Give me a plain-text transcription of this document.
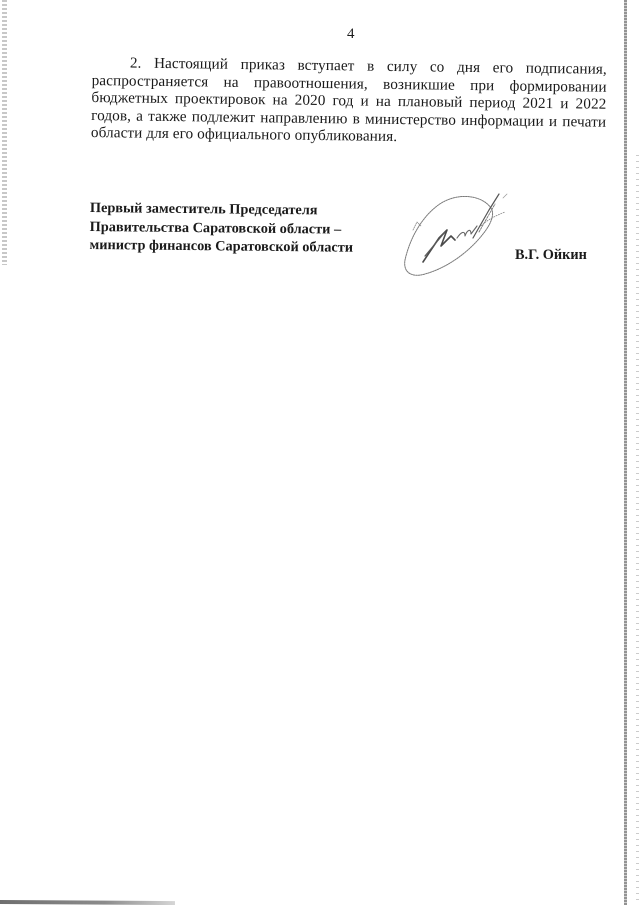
4
2. Настоящий приказ вступает в силу со дня его подписания,
распространяется на правоотношения, возникшие при формировании
бюджетных проектировок на 2020 год и на плановый период 2021 и 2022
годов, а также подлежит направлению в министерство информации и печати
области для его официального опубликования.
Первый заместитель Председателя
Правительства Саратовской области –
министр финансов Саратовской области	В.Г. Ойкин
